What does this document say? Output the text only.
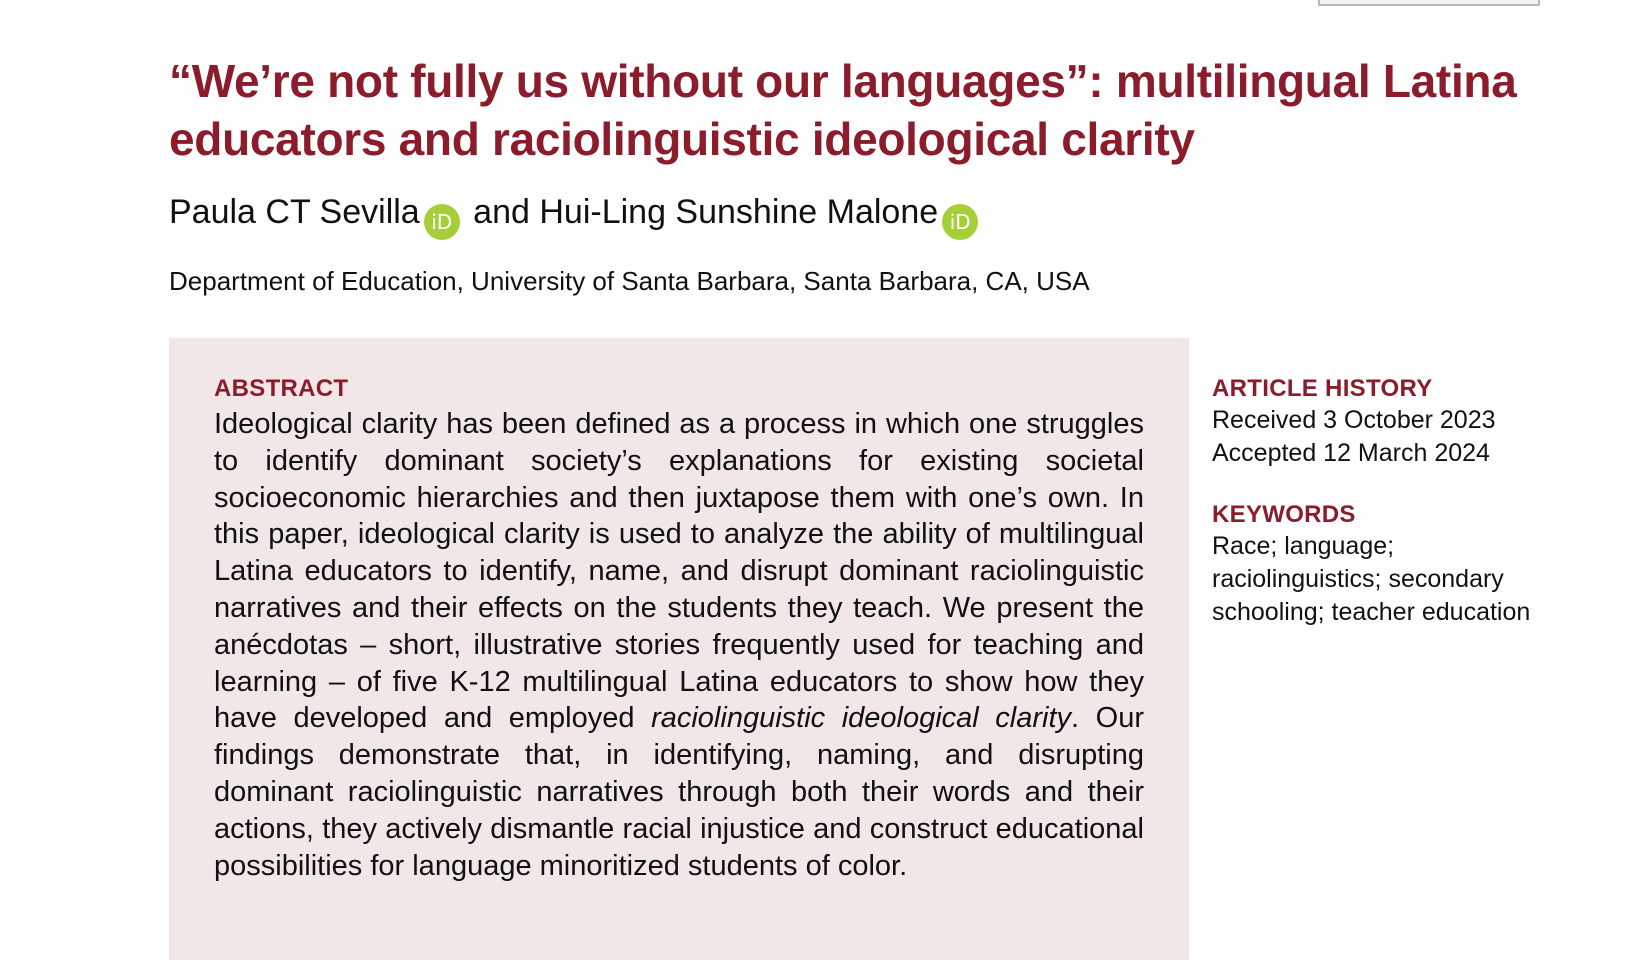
“We’re not fully us without our languages”: multilingual Latina educators and raciolinguistic ideological clarity
Paula CT Sevilla iD and Hui-Ling Sunshine Malone iD
Department of Education, University of Santa Barbara, Santa Barbara, CA, USA
ABSTRACT

Ideological clarity has been defined as a process in which one struggles to identify dominant society’s explanations for existing societal socioeconomic hierarchies and then juxtapose them with one’s own. In this paper, ideological clarity is used to analyze the ability of multilingual Latina educators to identify, name, and disrupt dominant raciolinguistic narratives and their effects on the students they teach. We present the anécdotas – short, illustrative stories frequently used for teaching and learning – of five K-12 multilingual Latina educators to show how they have developed and employed raciolinguistic ideological clarity. Our findings demonstrate that, in identifying, naming, and disrupting dominant raciolinguistic narratives through both their words and their actions, they actively dismantle racial injustice and construct educational possibilities for language minoritized students of color.

ARTICLE HISTORY
Received 3 October 2023
Accepted 12 March 2024
KEYWORDS
Race; language;
raciolinguistics; secondary
schooling; teacher education
